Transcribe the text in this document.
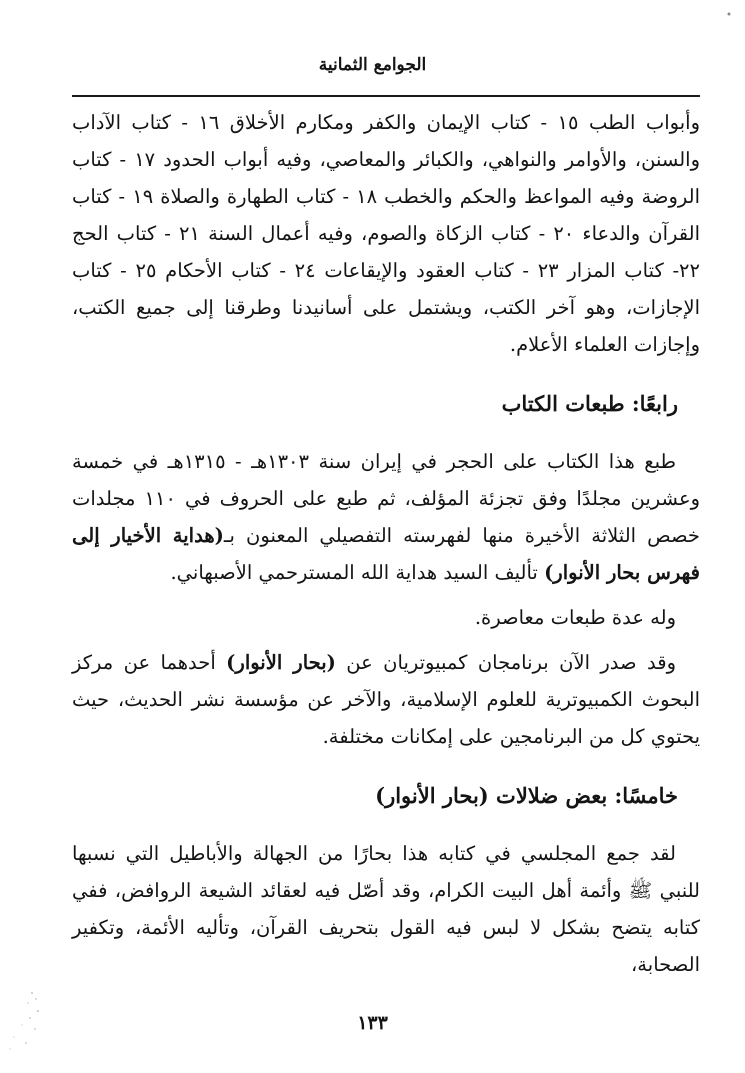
الجوامع الثمانية

وأبواب الطب ١٥ - كتاب الإيمان والكفر ومكارم الأخلاق ١٦ - كتاب الآداب والسنن، والأوامر والنواهي، والكبائر والمعاصي، وفيه أبواب الحدود ١٧ - كتاب الروضة وفيه المواعظ والحكم والخطب ١٨ - كتاب الطهارة والصلاة ١٩ - كتاب القرآن والدعاء ٢٠ - كتاب الزكاة والصوم، وفيه أعمال السنة ٢١ - كتاب الحج ٢٢- كتاب المزار ٢٣ - كتاب العقود والإيقاعات ٢٤ - كتاب الأحكام ٢٥ - كتاب الإجازات، وهو آخر الكتب، ويشتمل على أسانيدنا وطرقنا إلى جميع الكتب، وإجازات العلماء الأعلام.

رابعًا: طبعات الكتاب

طبع هذا الكتاب على الحجر في إيران سنة ١٣٠٣هـ - ١٣١٥هـ في خمسة وعشرين مجلدًا وفق تجزئة المؤلف، ثم طبع على الحروف في ١١٠ مجلدات خصص الثلاثة الأخيرة منها لفهرسته التفصيلي المعنون بـ(هداية الأخيار إلى فهرس بحار الأنوار) تأليف السيد هداية الله المسترحمي الأصبهاني.

وله عدة طبعات معاصرة.

وقد صدر الآن برنامجان كمبيوتريان عن (بحار الأنوار) أحدهما عن مركز البحوث الكمبيوترية للعلوم الإسلامية، والآخر عن مؤسسة نشر الحديث، حيث يحتوي كل من البرنامجين على إمكانات مختلفة.

خامسًا: بعض ضلالات (بحار الأنوار)

لقد جمع المجلسي في كتابه هذا بحارًا من الجهالة والأباطيل التي نسبها للنبي ﷺ وأئمة أهل البيت الكرام، وقد أصّل فيه لعقائد الشيعة الروافض، ففي كتابه يتضح بشكل لا لبس فيه القول بتحريف القرآن، وتأليه الأئمة، وتكفير الصحابة،

١٣٣
